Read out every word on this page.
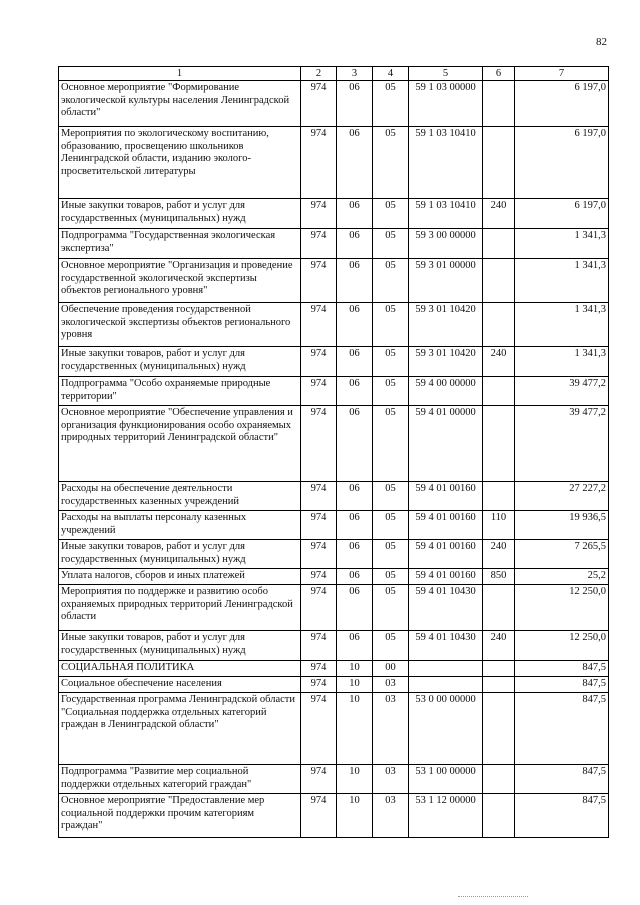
82
1	2	3	4	5	6	7
Основное мероприятие "Формирование экологической культуры населения Ленинградской области"	974	06	05	59 1 03 00000		6 197,0
Мероприятия по экологическому воспитанию, образованию, просвещению школьников Ленинградской области, изданию эколого-просветительской литературы	974	06	05	59 1 03 10410		6 197,0
Иные закупки товаров, работ и услуг для государственных (муниципальных) нужд	974	06	05	59 1 03 10410	240	6 197,0
Подпрограмма "Государственная экологическая экспертиза"	974	06	05	59 3 00 00000		1 341,3
Основное мероприятие "Организация и проведение государственной экологической экспертизы объектов регионального уровня"	974	06	05	59 3 01 00000		1 341,3
Обеспечение проведения государственной экологической экспертизы объектов регионального уровня	974	06	05	59 3 01 10420		1 341,3
Иные закупки товаров, работ и услуг для государственных (муниципальных) нужд	974	06	05	59 3 01 10420	240	1 341,3
Подпрограмма "Особо охраняемые природные территории"	974	06	05	59 4 00 00000		39 477,2
Основное мероприятие "Обеспечение управления и организация функционирования особо охраняемых природных территорий Ленинградской области"	974	06	05	59 4 01 00000		39 477,2
Расходы на обеспечение деятельности государственных казенных учреждений	974	06	05	59 4 01 00160		27 227,2
Расходы на выплаты персоналу казенных учреждений	974	06	05	59 4 01 00160	110	19 936,5
Иные закупки товаров, работ и услуг для государственных (муниципальных) нужд	974	06	05	59 4 01 00160	240	7 265,5
Уплата налогов, сборов и иных платежей	974	06	05	59 4 01 00160	850	25,2
Мероприятия по поддержке и развитию особо охраняемых природных территорий Ленинградской области	974	06	05	59 4 01 10430		12 250,0
Иные закупки товаров, работ и услуг для государственных (муниципальных) нужд	974	06	05	59 4 01 10430	240	12 250,0
СОЦИАЛЬНАЯ ПОЛИТИКА	974	10	00			847,5
Социальное обеспечение населения	974	10	03			847,5
Государственная программа Ленинградской области "Социальная поддержка отдельных категорий граждан в Ленинградской области"	974	10	03	53 0 00 00000		847,5
Подпрограмма "Развитие мер социальной поддержки отдельных категорий граждан"	974	10	03	53 1 00 00000		847,5
Основное мероприятие "Предоставление мер социальной поддержки прочим категориям граждан"	974	10	03	53 1 12 00000		847,5
